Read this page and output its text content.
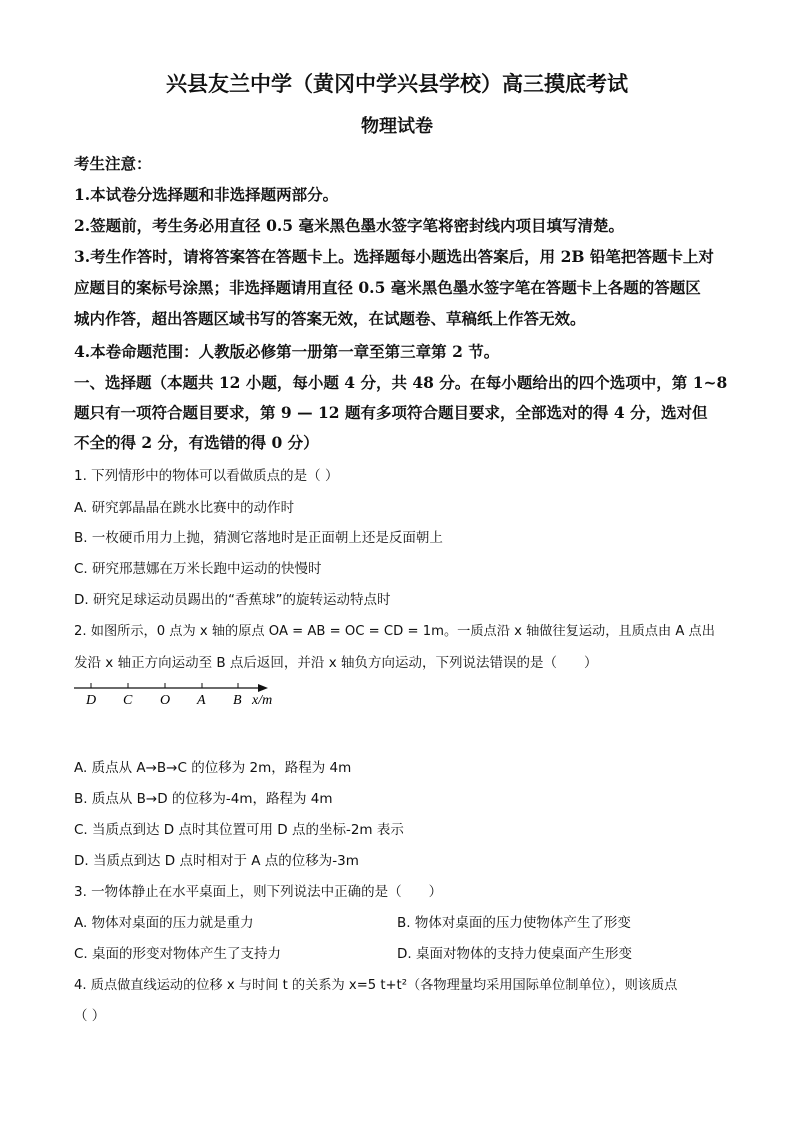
兴县友兰中学（黄冈中学兴县学校）高三摸底考试
物理试卷
考生注意：
1.本试卷分选择题和非选择题两部分。
2.签题前，考生务必用直径 0.5 毫米黑色墨水签字笔将密封线内项目填写清楚。
3.考生作答时，请将答案答在答题卡上。选择题每小题选出答案后，用 2B 铅笔把答题卡上对
应题目的案标号涂黑；非选择题请用直径 0.5 毫米黑色墨水签字笔在答题卡上各题的答题区
城内作答，超出答题区域书写的答案无效，在试题卷、草稿纸上作答无效。
4.本卷命题范围：人教版必修第一册第一章至第三章第 2 节。
一、选择题（本题共 12 小题，每小题 4 分，共 48 分。在每小题给出的四个选项中，第 1~8
题只有一项符合题目要求，第 9 — 12 题有多项符合题目要求，全部选对的得 4 分，选对但
不全的得 2 分，有选错的得 0 分）
1. 下列情形中的物体可以看做质点的是（ ）
A. 研究郭晶晶在跳水比赛中的动作时
B. 一枚硬币用力上抛，猜测它落地时是正面朝上还是反面朝上
C. 研究邢慧娜在万米长跑中运动的快慢时
D. 研究足球运动员踢出的“香蕉球”的旋转运动特点时
2. 如图所示，0 点为 x 轴的原点 OA = AB = OC = CD = 1m。一质点沿 x 轴做往复运动，且质点由 A 点出
发沿 x 轴正方向运动至 B 点后返回，并沿 x 轴负方向运动，下列说法错误的是（　　）
D C O A B x/m
A. 质点从 A→B→C 的位移为 2m，路程为 4m
B. 质点从 B→D 的位移为-4m，路程为 4m
C. 当质点到达 D 点时其位置可用 D 点的坐标-2m 表示
D. 当质点到达 D 点时相对于 A 点的位移为-3m
3. 一物体静止在水平桌面上，则下列说法中正确的是（　　）
A. 物体对桌面的压力就是重力	B. 物体对桌面的压力使物体产生了形变
C. 桌面的形变对物体产生了支持力	D. 桌面对物体的支持力使桌面产生形变
4. 质点做直线运动的位移 x 与时间 t 的关系为 x=5 t+t²（各物理量均采用国际单位制单位），则该质点
（ ）
